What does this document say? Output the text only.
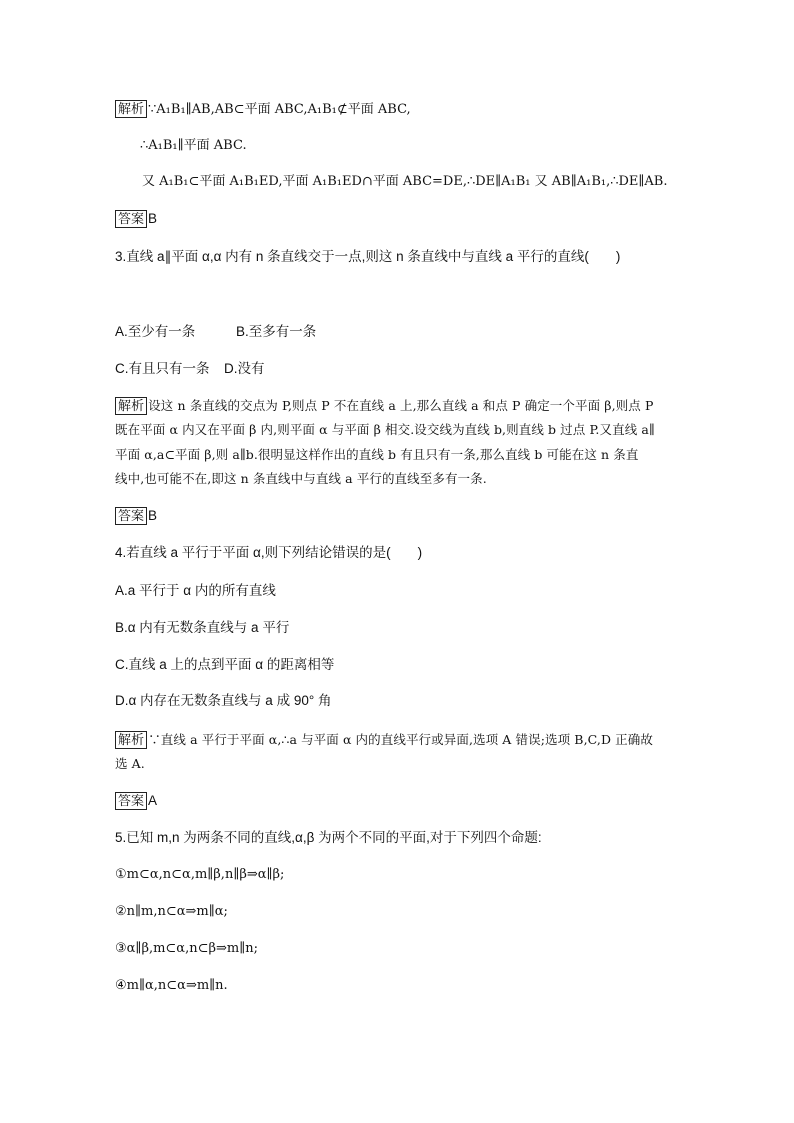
解析 ∵A₁B₁∥AB,AB⊂平面 ABC,A₁B₁⊄平面 ABC,
∴A₁B₁∥平面 ABC.
又 A₁B₁⊂平面 A₁B₁ED,平面 A₁B₁ED∩平面 ABC=DE,∴DE∥A₁B₁ 又 AB∥A₁B₁,∴DE∥AB.
答案 B
3.直线 a∥平面 α,α 内有 n 条直线交于一点,则这 n 条直线中与直线 a 平行的直线(　　)
A.至少有一条	B.至多有一条
C.有且只有一条 D.没有
解析 设这 n 条直线的交点为 P,则点 P 不在直线 a 上,那么直线 a 和点 P 确定一个平面 β,则点 P
既在平面 α 内又在平面 β 内,则平面 α 与平面 β 相交.设交线为直线 b,则直线 b 过点 P.又直线 a∥
平面 α,a⊂平面 β,则 a∥b.很明显这样作出的直线 b 有且只有一条,那么直线 b 可能在这 n 条直
线中,也可能不在,即这 n 条直线中与直线 a 平行的直线至多有一条.
答案 B
4.若直线 a 平行于平面 α,则下列结论错误的是(　　)
A.a 平行于 α 内的所有直线
B.α 内有无数条直线与 a 平行
C.直线 a 上的点到平面 α 的距离相等
D.α 内存在无数条直线与 a 成 90° 角
解析 ∵直线 a 平行于平面 α,∴a 与平面 α 内的直线平行或异面,选项 A 错误;选项 B,C,D 正确故
选 A.
答案 A
5.已知 m,n 为两条不同的直线,α,β 为两个不同的平面,对于下列四个命题:
①m⊂α,n⊂α,m∥β,n∥β⇒α∥β;
②n∥m,n⊂α⇒m∥α;
③α∥β,m⊂α,n⊂β⇒m∥n;
④m∥α,n⊂α⇒m∥n.
